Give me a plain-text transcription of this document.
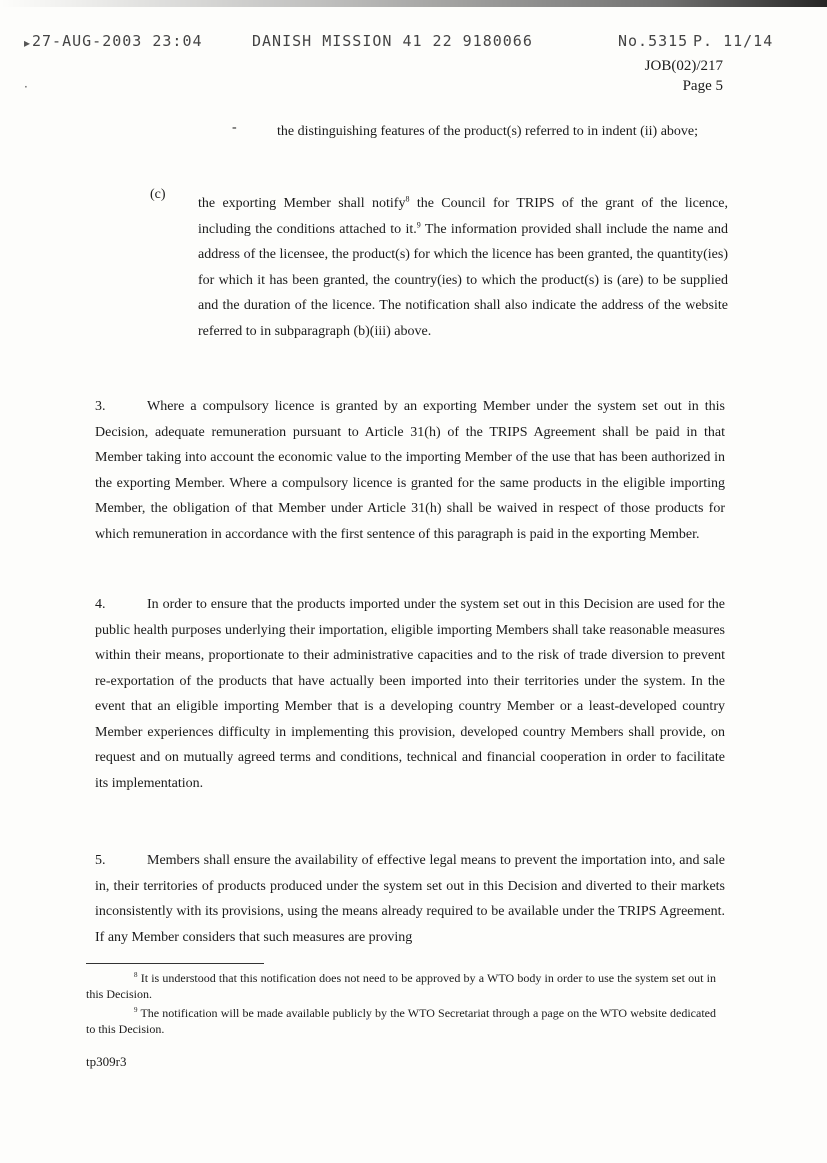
27-AUG-2003 23:04	DANISH MISSION 41 22 9180066	No.5315 P. 11/14
▸
·
JOB(02)/217
Page 5
-	the distinguishing features of the product(s) referred to in indent (ii) above;
(c)
the exporting Member shall notify$^8$ the Council for TRIPS of the grant of the licence, including the conditions attached to it.$^9$ The information provided shall include the name and address of the licensee, the product(s) for which the licence has been granted, the quantity(ies) for which it has been granted, the country(ies) to which the product(s) is (are) to be supplied and the duration of the licence. The notification shall also indicate the address of the website referred to in subparagraph (b)(iii) above.
3.	Where a compulsory licence is granted by an exporting Member under the system set out in this Decision, adequate remuneration pursuant to Article 31(h) of the TRIPS Agreement shall be paid in that Member taking into account the economic value to the importing Member of the use that has been authorized in the exporting Member. Where a compulsory licence is granted for the same products in the eligible importing Member, the obligation of that Member under Article 31(h) shall be waived in respect of those products for which remuneration in accordance with the first sentence of this paragraph is paid in the exporting Member.
4.	In order to ensure that the products imported under the system set out in this Decision are used for the public health purposes underlying their importation, eligible importing Members shall take reasonable measures within their means, proportionate to their administrative capacities and to the risk of trade diversion to prevent re-exportation of the products that have actually been imported into their territories under the system. In the event that an eligible importing Member that is a developing country Member or a least-developed country Member experiences difficulty in implementing this provision, developed country Members shall provide, on request and on mutually agreed terms and conditions, technical and financial cooperation in order to facilitate its implementation.
5.	Members shall ensure the availability of effective legal means to prevent the importation into, and sale in, their territories of products produced under the system set out in this Decision and diverted to their markets inconsistently with its provisions, using the means already required to be available under the TRIPS Agreement. If any Member considers that such measures are proving

$^8$ It is understood that this notification does not need to be approved by a WTO body in order to use the system set out in this Decision.

$^9$ The notification will be made available publicly by the WTO Secretariat through a page on the WTO website dedicated to this Decision.

tp309r3
